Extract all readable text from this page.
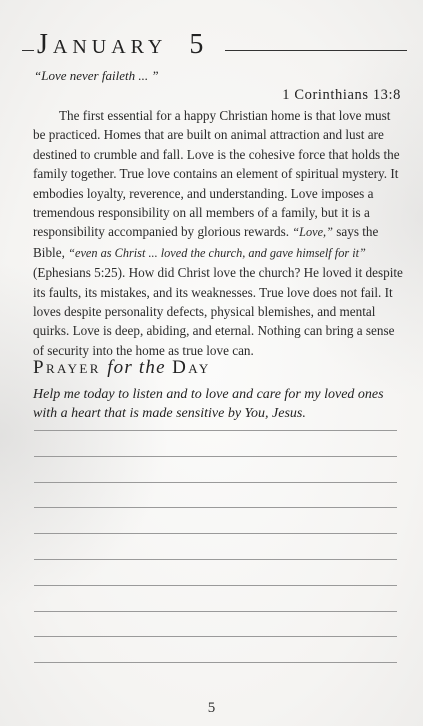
January 5
“Love never faileth ... ”
1 Corinthians 13:8

The first essential for a happy Christian home is that love must be practiced. Homes that are built on animal attraction and lust are destined to crumble and fall. Love is the cohesive force that holds the family together. True love contains an element of spiritual mystery. It embodies loyalty, reverence, and understanding. Love imposes a tremendous responsibility on all members of a family, but it is a responsibility accompanied by glorious rewards. “Love,” says the Bible, “even as Christ ... loved the church, and gave himself for it” (Ephesians 5:25). How did Christ love the church? He loved it despite its faults, its mistakes, and its weaknesses. True love does not fail. It loves despite personality defects, physical blemishes, and mental quirks. Love is deep, abiding, and eternal. Nothing can bring a sense of security into the home as true love can.

Prayer for the Day

Help me today to listen and to love and care for my loved ones with a heart that is made sensitive by You, Jesus.

5
